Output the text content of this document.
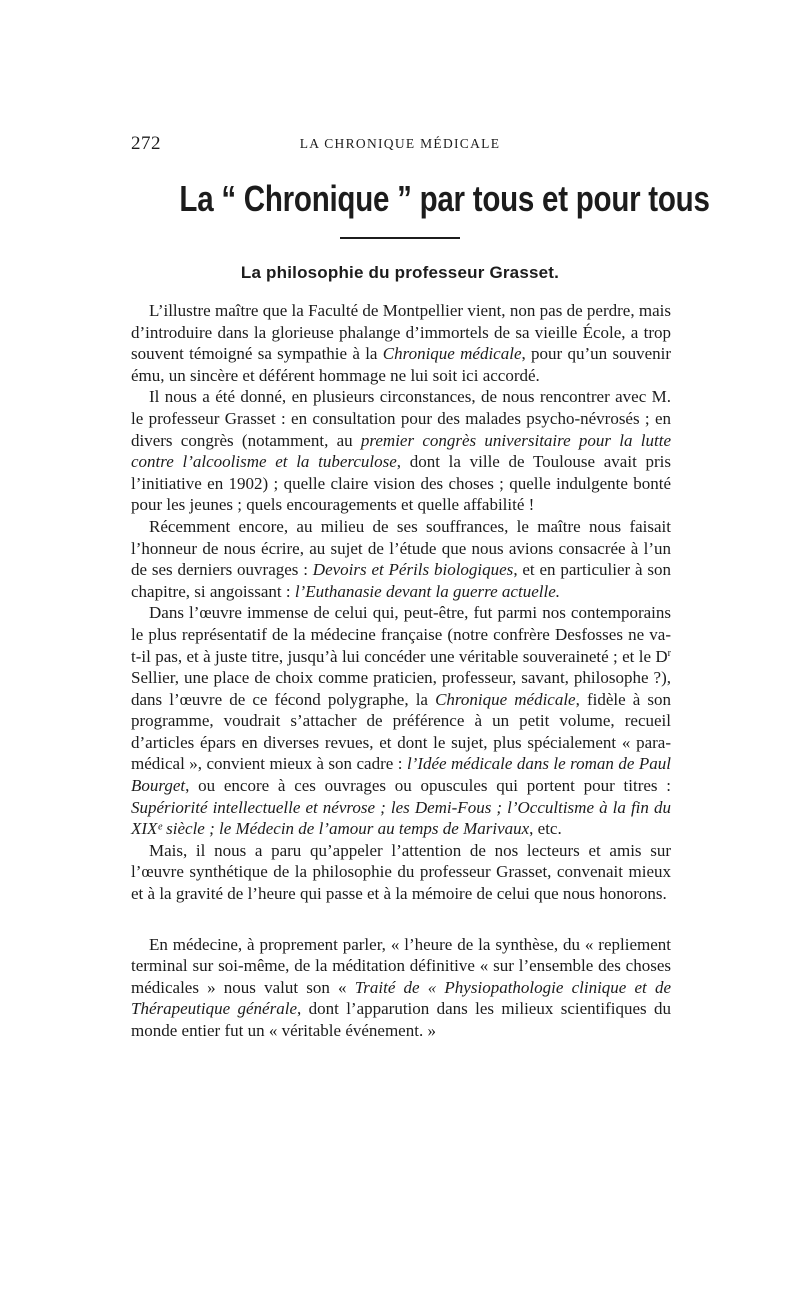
272	LA CHRONIQUE MÉDICALE
La “ Chronique ” par tous et pour tous
La philosophie du professeur Grasset.

L’illustre maître que la Faculté de Montpellier vient, non pas de perdre, mais d’introduire dans la glorieuse phalange d’immortels de sa vieille École, a trop souvent témoigné sa sympathie à la Chronique médicale, pour qu’un souvenir ému, un sincère et déférent hommage ne lui soit ici accordé.

Il nous a été donné, en plusieurs circonstances, de nous rencontrer avec M. le professeur Grasset : en consultation pour des malades psycho-névrosés ; en divers congrès (notamment, au premier congrès universitaire pour la lutte contre l’alcoolisme et la tuberculose, dont la ville de Toulouse avait pris l’initiative en 1902) ; quelle claire vision des choses ; quelle indulgente bonté pour les jeunes ; quels encouragements et quelle affabilité !

Récemment encore, au milieu de ses souffrances, le maître nous faisait l’honneur de nous écrire, au sujet de l’étude que nous avions consacrée à l’un de ses derniers ouvrages : Devoirs et Périls biologiques, et en particulier à son chapitre, si angoissant : l’Euthanasie devant la guerre actuelle.

Dans l’œuvre immense de celui qui, peut-être, fut parmi nos contemporains le plus représentatif de la médecine française (notre confrère Desfosses ne va-t-il pas, et à juste titre, jusqu’à lui concéder une véritable souveraineté ; et le $D^r$ Sellier, une place de choix comme praticien, professeur, savant, philosophe ?), dans l’œuvre de ce fécond polygraphe, la Chronique médicale, fidèle à son programme, voudrait s’attacher de préférence à un petit volume, recueil d’articles épars en diverses revues, et dont le sujet, plus spécialement « para-médical », convient mieux à son cadre : l’Idée médicale dans le roman de Paul Bourget, ou encore à ces ouvrages ou opuscules qui portent pour titres : Supériorité intellectuelle et névrose ; les Demi-Fous ; l’Occultisme à la fin du XIXᵉ siècle ; le Médecin de l’amour au temps de Marivaux, etc.

Mais, il nous a paru qu’appeler l’attention de nos lecteurs et amis sur l’œuvre synthétique de la philosophie du professeur Grasset, convenait mieux et à la gravité de l’heure qui passe et à la mémoire de celui que nous honorons.

En médecine, à proprement parler, « l’heure de la synthèse, du « repliement terminal sur soi-même, de la méditation définitive « sur l’ensemble des choses médicales » nous valut son « Traité de « Physiopathologie clinique et de Thérapeutique générale, dont l’apparution dans les milieux scientifiques du monde entier fut un « véritable événement. »
